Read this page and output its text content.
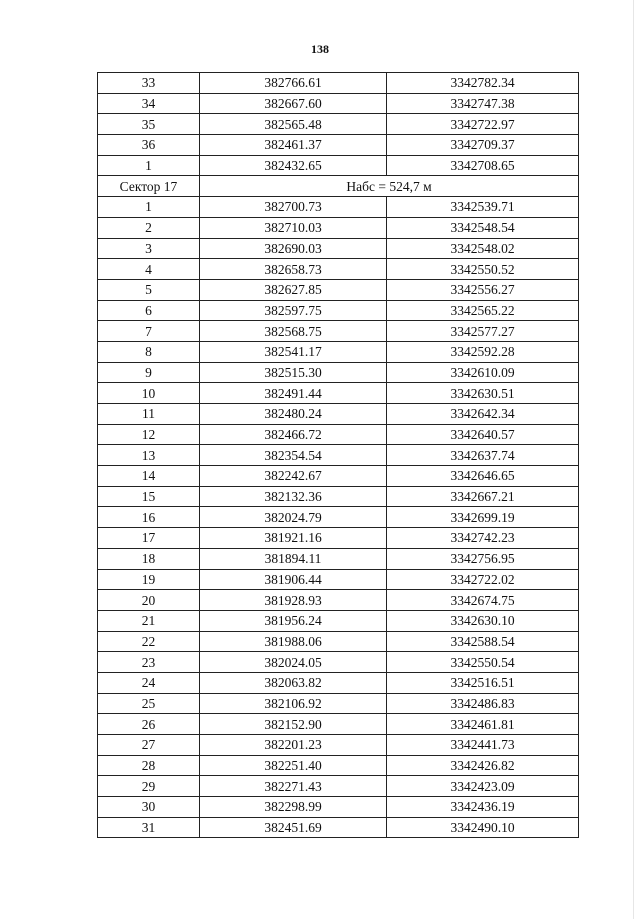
138
33	382766.61	3342782.34
34	382667.60	3342747.38
35	382565.48	3342722.97
36	382461.37	3342709.37
1	382432.65	3342708.65
Сектор 17	Набс = 524,7 м	
1	382700.73	3342539.71
2	382710.03	3342548.54
3	382690.03	3342548.02
4	382658.73	3342550.52
5	382627.85	3342556.27
6	382597.75	3342565.22
7	382568.75	3342577.27
8	382541.17	3342592.28
9	382515.30	3342610.09
10	382491.44	3342630.51
11	382480.24	3342642.34
12	382466.72	3342640.57
13	382354.54	3342637.74
14	382242.67	3342646.65
15	382132.36	3342667.21
16	382024.79	3342699.19
17	381921.16	3342742.23
18	381894.11	3342756.95
19	381906.44	3342722.02
20	381928.93	3342674.75
21	381956.24	3342630.10
22	381988.06	3342588.54
23	382024.05	3342550.54
24	382063.82	3342516.51
25	382106.92	3342486.83
26	382152.90	3342461.81
27	382201.23	3342441.73
28	382251.40	3342426.82
29	382271.43	3342423.09
30	382298.99	3342436.19
31	382451.69	3342490.10
